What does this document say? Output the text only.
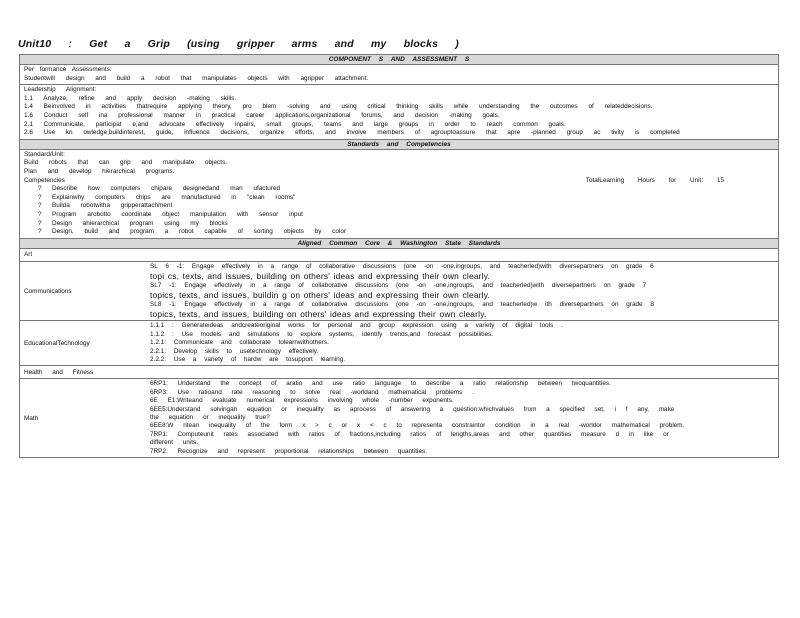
Unit10 : Get a Grip (using gripper arms and my blocks )
COMPONENT S AND ASSESSMENT S
Per formance Assessments:
Studentwill design and build a robot that manipulates objects with agripper attachment.
Leadership Alignment:
1.1 Analyze, refine and apply decision -making skills.
1.4 Beinvolved in activities thatrequire applying theory, pro blem -solving and using critical thinking skills while understanding the outcomes of relateddecisions.
1.6 Conduct self ina professional manner in practical career applications,organizational forums, and decision -making goals.
2.1 Communicate, participat e,and advocate effectively inpairs, small groups, teams and large groups in order to reach common goals.
2.6 Use kn owledge,buildinterest, guide, influence decisions, organize efforts, and involve members of agrouptoassure that apre -planned group ac tivity is completed
Standards and Competencies
Standard/Unit:
Build robots that can grip and manipulate objects.
Plan and develop hierarchical programs.
Competencies	TotalLearning Hours for Unit: 15
? Describe how computers chipare designedand man ufactured
? Explainwhy computers chips are manufactured in "clean rooms"
? Builda robotwitha gripperattachment
? Program arobotto coordinate object manipulation with sensor input
? Design ahierarchical program using my blocks
? Design, build and program a robot capable of sorting objects by color
Aligned Common Core & Washington State Standards
Art
Communications
SL 6 -1: Engage effectively in a range of collaborative discussions (one -on -one,ingroups, and teacherled)with diversepartners on grade 6
topi cs, texts, and issues, building on others' ideas and expressing their own clearly.
SL7 -1: Engage effectively in a range of collaborative discussions (one -on -one,ingroups, and teacherled)with diversepartners on grade 7
topics, texts, and issues, buildin g on others' ideas and expressing their own clearly.
SL8 -1: Engage effectively in a range of collaborative discussions (one -on -one,ingroups, and teacherled)w ith diversepartners on grade 8
topics, texts, and issues, building on others' ideas and expressing their own clearly.
EducationalTechnology
1.1.1 : Generateideas andcreateoriginal works for personal and group expression using a variety of digital tools .
1.1.2 : Use models and simulations to explore systems, identify trends,and forecast possibilities.
1.2.1: Communicate and collaborate tolearnwithothers.
2.2.1: Develop skills to usetechnology effectively.
2.2.2: Use a variety of hardw are tosupport learning.
Health and Fitness
Math
6RP1: Understand the concept of aratio and use ratio language to describe a ratio relationship between twoquantities.
6RP3: Use ratioand rate reasoning to solve real -worldand mathematical problems .
6E E1:Writeand evaluate numerical expressions involving whole -number exponents.
6EE5:Understand solvingan equation or inequality as aprocess of answering a question:whichvalues from a specified set, i f any, make
the equation or inequality true?
6EE8:W ritean inequality of the form x > c or x < c to representa constraintor condition in a real -worldor mathematical problem.
7RP1: Computeunit rates associated with ratios of fractions,including ratios of lengths,areas and other quantities measure d in like or
different units.
7RP2: Recognize and represent proportional relationships between quantities.
